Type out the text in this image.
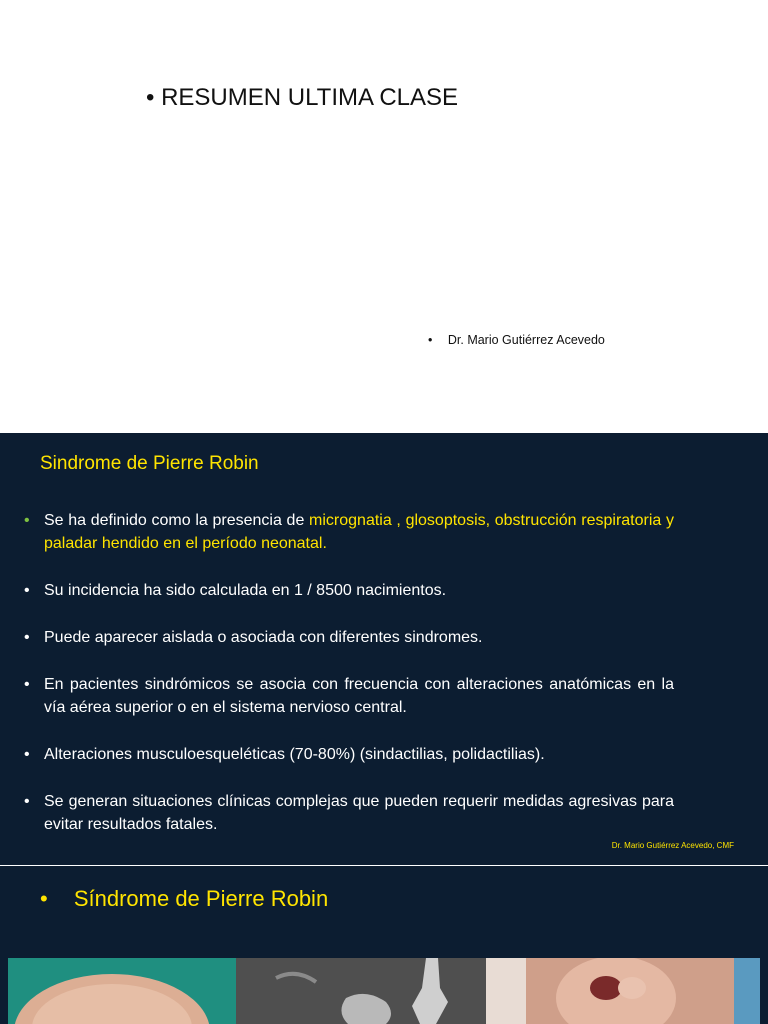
• RESUMEN ULTIMA CLASE
• Dr. Mario Gutiérrez Acevedo
Sindrome de Pierre Robin
• Se ha definido como la presencia de micrognatia , glosoptosis, obstrucción respiratoria y paladar hendido en el período neonatal.
• Su incidencia ha sido calculada en 1 / 8500 nacimientos.
• Puede aparecer aislada o asociada con diferentes sindromes.
• En pacientes sindrómicos se asocia con frecuencia con alteraciones anatómicas en la vía aérea superior o en el sistema nervioso central.
• Alteraciones musculoesqueléticas (70-80%) (sindactilias, polidactilias).
• Se generan situaciones clínicas complejas que pueden requerir medidas agresivas para evitar resultados fatales.
Dr. Mario Gutiérrez Acevedo, CMF
• Síndrome de Pierre Robin
